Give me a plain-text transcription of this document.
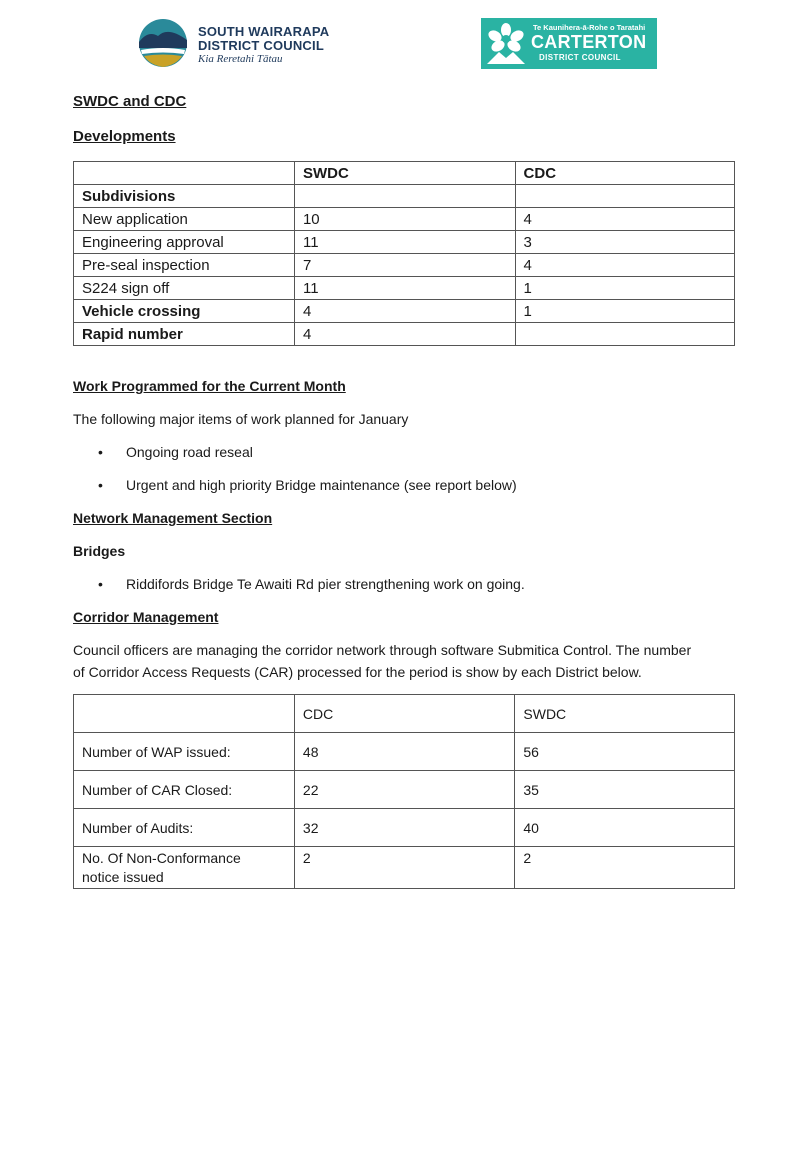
SOUTH WAIRARAPA
DISTRICT COUNCIL
Kia Reretahi Tātau
Te Kaunihera-ā-Rohe o Taratahi
CARTERTON
DISTRICT COUNCIL
SWDC and CDC
Developments
	SWDC	CDC
Subdivisions		
New application	10	4
Engineering approval	11	3
Pre-seal inspection	7	4
S224 sign off	11	1
Vehicle crossing	4	1
Rapid number	4	
Work Programmed for the Current Month
The following major items of work planned for January
• Ongoing road reseal
• Urgent and high priority Bridge maintenance (see report below)
Network Management Section
Bridges
• Riddifords Bridge Te Awaiti Rd pier strengthening work on going.
Corridor Management
Council officers are managing the corridor network through software Submitica Control. The number
of Corridor Access Requests (CAR) processed for the period is show by each District below.
	CDC	SWDC
Number of WAP issued:	48	56
Number of CAR Closed:	22	35
Number of Audits:	32	40

No. Of Non-Conformance
notice issued	2	2
